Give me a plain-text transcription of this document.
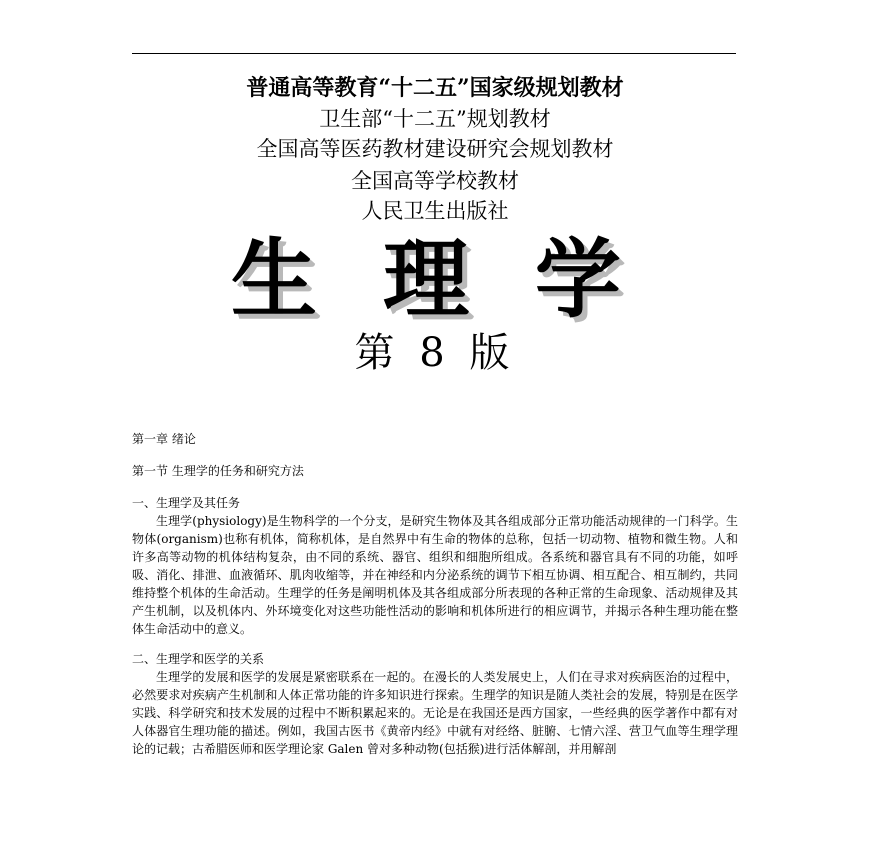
普通高等教育“十二五”国家级规划教材
卫生部“十二五”规划教材
全国高等医药教材建设研究会规划教材
全国高等学校教材
人民卫生出版社
生 理 学
第 8 版
第一章 绪论
第一节 生理学的任务和研究方法
一、生理学及其任务

生理学(physiology)是生物科学的一个分支，是研究生物体及其各组成部分正常功能活动规律的一门科学。生物体(organism)也称有机体，简称机体，是自然界中有生命的物体的总称，包括一切动物、植物和微生物。人和许多高等动物的机体结构复杂，由不同的系统、器官、组织和细胞所组成。各系统和器官具有不同的功能，如呼吸、消化、排泄、血液循环、肌肉收缩等，并在神经和内分泌系统的调节下相互协调、相互配合、相互制约，共同维持整个机体的生命活动。生理学的任务是阐明机体及其各组成部分所表现的各种正常的生命现象、活动规律及其产生机制，以及机体内、外环境变化对这些功能性活动的影响和机体所进行的相应调节，并揭示各种生理功能在整体生命活动中的意义。

二、生理学和医学的关系

生理学的发展和医学的发展是紧密联系在一起的。在漫长的人类发展史上，人们在寻求对疾病医治的过程中，必然要求对疾病产生机制和人体正常功能的许多知识进行探索。生理学的知识是随人类社会的发展，特别是在医学实践、科学研究和技术发展的过程中不断积累起来的。无论是在我国还是西方国家，一些经典的医学著作中都有对人体器官生理功能的描述。例如，我国古医书《黄帝内经》中就有对经络、脏腑、七情六淫、营卫气血等生理学理论的记载；古希腊医师和医学理论家 Galen 曾对多种动物(包括猴)进行活体解剖，并用解剖
